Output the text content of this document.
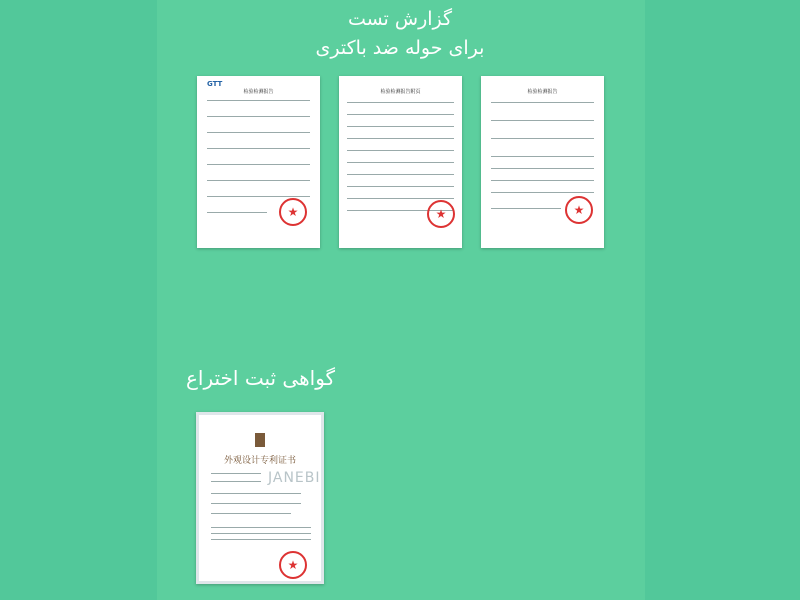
گزارش تست
برای حوله ضد باکتری
GTT
检验检测报告
★
检验检测报告附页
★
检验检测报告
★
گواهی ثبت اختراع
外观设计专利证书
★
JANEBI
